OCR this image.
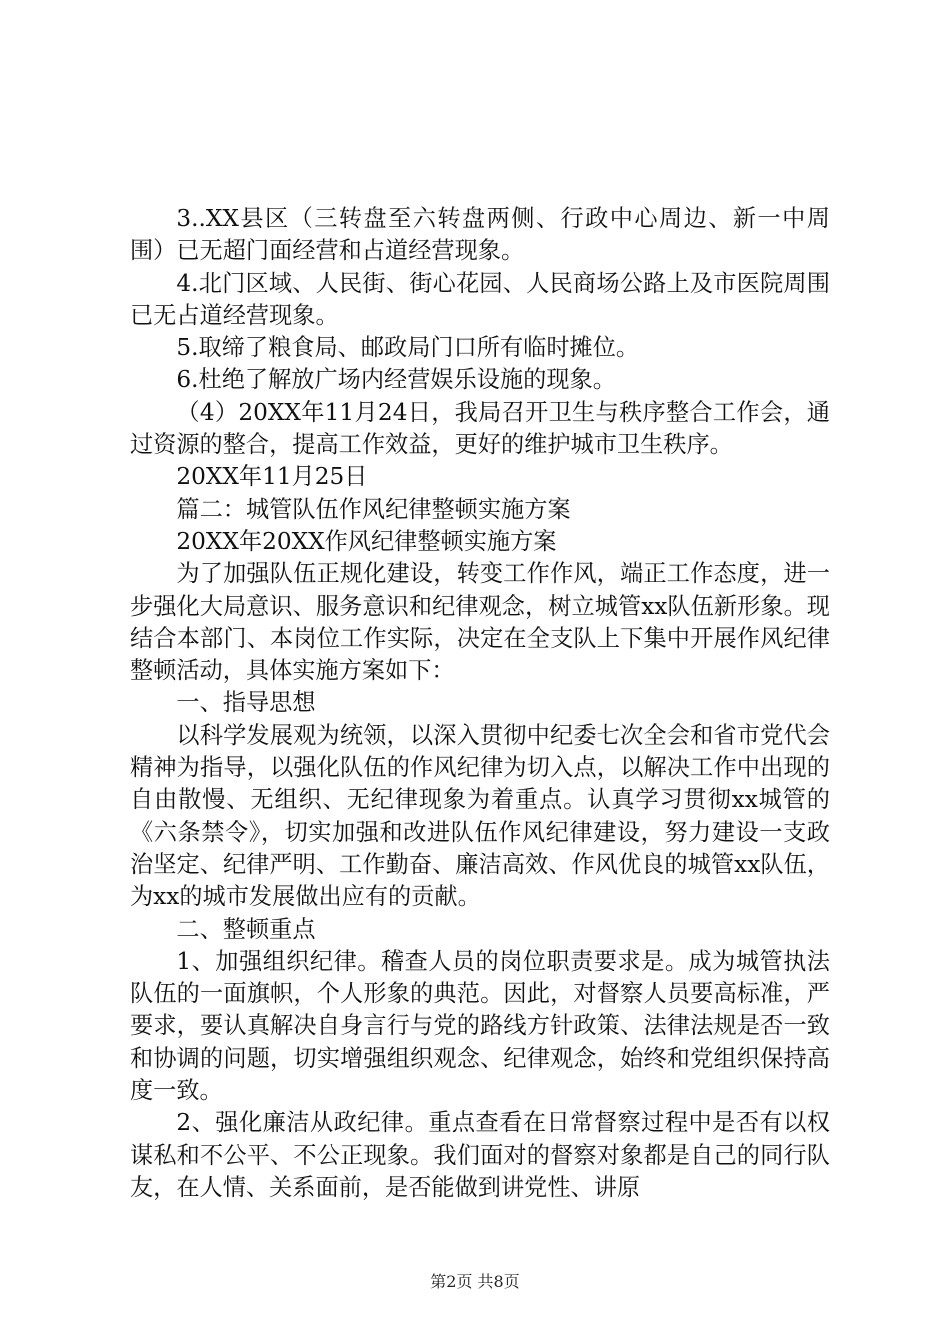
3..XX县区（三转盘至六转盘两侧、行政中心周边、新一中周围）已无超门面经营和占道经营现象。

4.北门区域、人民街、街心花园、人民商场公路上及市医院周围已无占道经营现象。

5.取缔了粮食局、邮政局门口所有临时摊位。

6.杜绝了解放广场内经营娱乐设施的现象。

（4）20XX年11月24日，我局召开卫生与秩序整合工作会，通过资源的整合，提高工作效益，更好的维护城市卫生秩序。

20XX年11月25日

篇二：城管队伍作风纪律整顿实施方案

20XX年20XX作风纪律整顿实施方案

为了加强队伍正规化建设，转变工作作风，端正工作态度，进一步强化大局意识、服务意识和纪律观念，树立城管xx队伍新形象。现结合本部门、本岗位工作实际，决定在全支队上下集中开展作风纪律整顿活动，具体实施方案如下：

一、指导思想

以科学发展观为统领，以深入贯彻中纪委七次全会和省市党代会精神为指导，以强化队伍的作风纪律为切入点，以解决工作中出现的自由散慢、无组织、无纪律现象为着重点。认真学习贯彻xx城管的《六条禁令》，切实加强和改进队伍作风纪律建设，努力建设一支政治坚定、纪律严明、工作勤奋、廉洁高效、作风优良的城管xx队伍，为xx的城市发展做出应有的贡献。

二、整顿重点

1、加强组织纪律。稽查人员的岗位职责要求是。成为城管执法队伍的一面旗帜，个人形象的典范。因此，对督察人员要高标准，严要求，要认真解决自身言行与党的路线方针政策、法律法规是否一致和协调的问题，切实增强组织观念、纪律观念，始终和党组织保持高度一致。

2、强化廉洁从政纪律。重点查看在日常督察过程中是否有以权谋私和不公平、不公正现象。我们面对的督察对象都是自己的同行队友，在人情、关系面前，是否能做到讲党性、讲原

第2页 共8页
